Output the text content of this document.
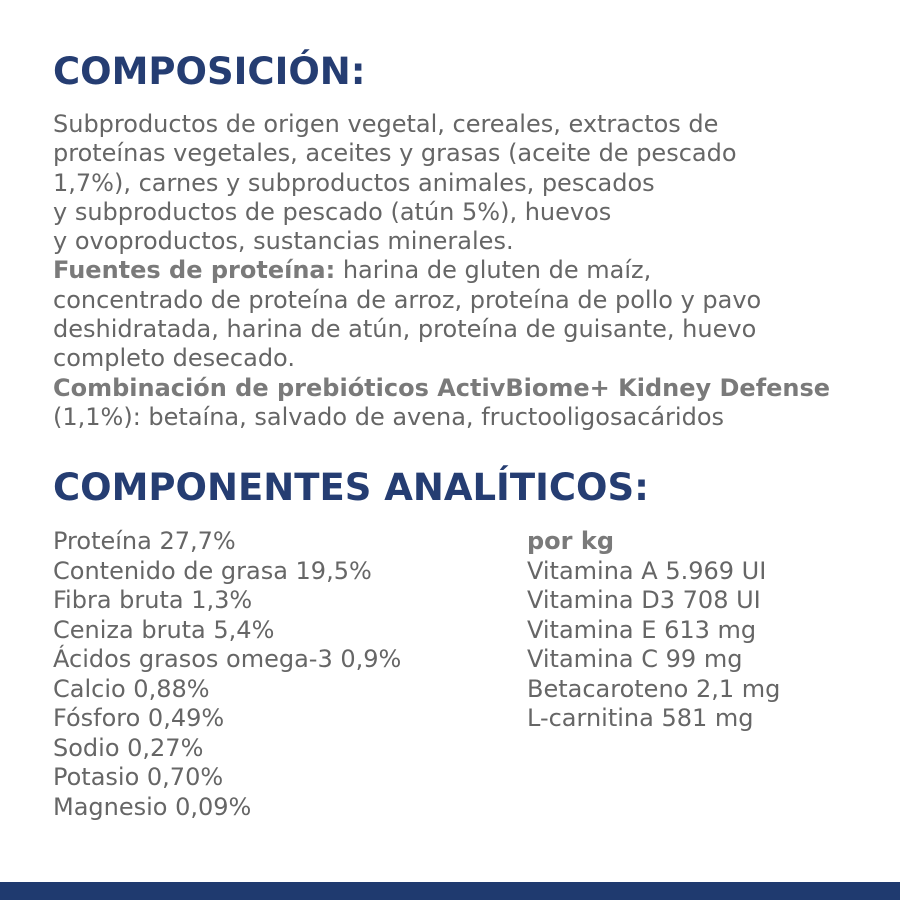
COMPOSICIÓN:
Subproductos de origen vegetal, cereales, extractos de
proteínas vegetales, aceites y grasas (aceite de pescado
1,7%), carnes y subproductos animales, pescados
y subproductos de pescado (atún 5%), huevos
y ovoproductos, sustancias minerales.
Fuentes de proteína: harina de gluten de maíz,
concentrado de proteína de arroz, proteína de pollo y pavo
deshidratada, harina de atún, proteína de guisante, huevo
completo desecado.
Combinación de prebióticos ActivBiome+ Kidney Defense
(1,1%): betaína, salvado de avena, fructooligosacáridos
COMPONENTES ANALÍTICOS:
Proteína 27,7%
Contenido de grasa 19,5%
Fibra bruta 1,3%
Ceniza bruta 5,4%
Ácidos grasos omega-3 0,9%
Calcio 0,88%
Fósforo 0,49%
Sodio 0,27%
Potasio 0,70%
Magnesio 0,09%
por kg
Vitamina A 5.969 UI
Vitamina D3 708 UI
Vitamina E 613 mg
Vitamina C 99 mg
Betacaroteno 2,1 mg
L-carnitina 581 mg
